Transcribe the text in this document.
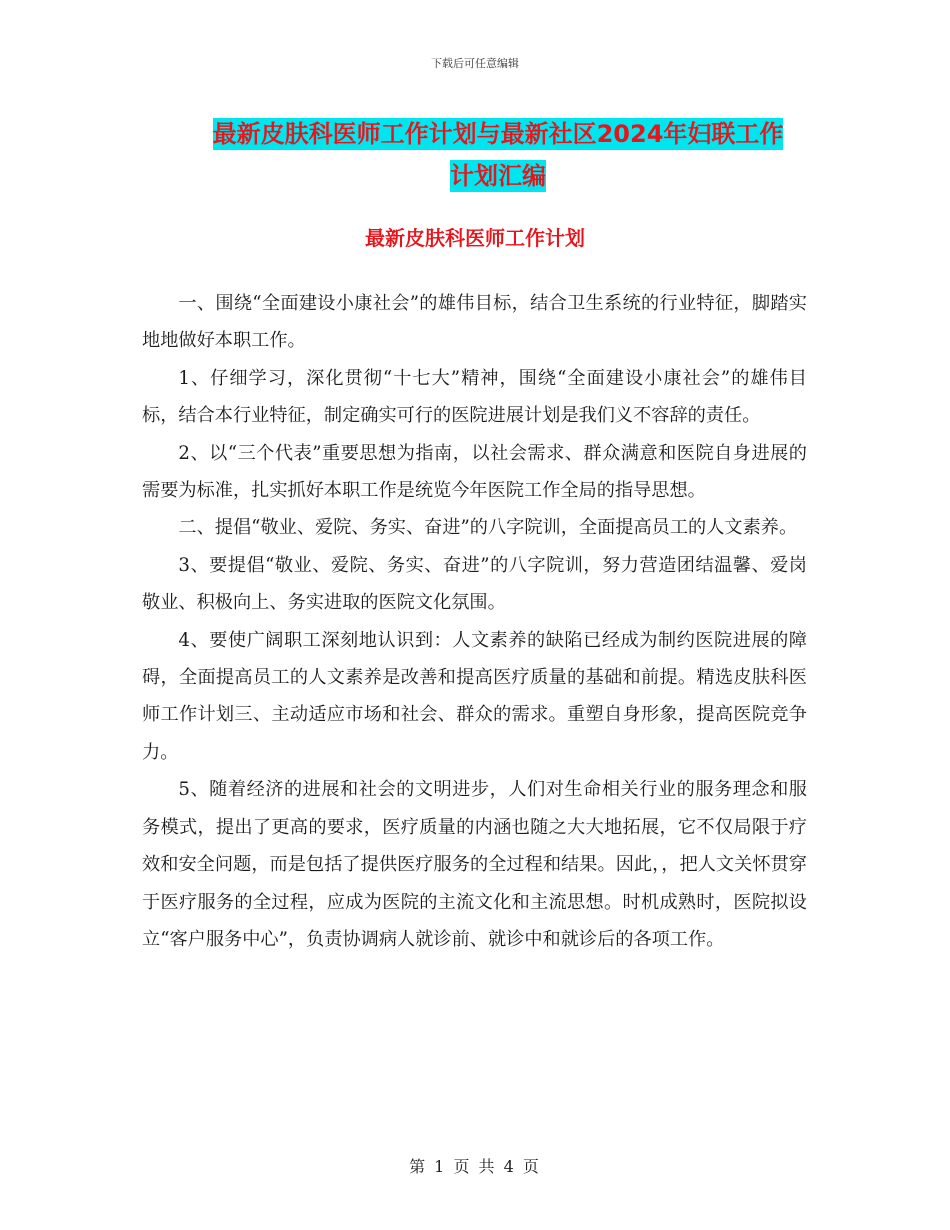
下载后可任意编辑
最新皮肤科医师工作计划与最新社区2024年妇联工作
计划汇编
最新皮肤科医师工作计划

一、围绕“全面建设小康社会”的雄伟目标，结合卫生系统的行业特征，脚踏实地地做好本职工作。

1、仔细学习，深化贯彻“十七大”精神，围绕“全面建设小康社会”的雄伟目标，结合本行业特征，制定确实可行的医院进展计划是我们义不容辞的责任。

2、以“三个代表”重要思想为指南，以社会需求、群众满意和医院自身进展的需要为标准，扎实抓好本职工作是统览今年医院工作全局的指导思想。

二、提倡“敬业、爱院、务实、奋进”的八字院训，全面提高员工的人文素养。

3、要提倡“敬业、爱院、务实、奋进”的八字院训，努力营造团结温馨、爱岗敬业、积极向上、务实进取的医院文化氛围。

4、要使广阔职工深刻地认识到：人文素养的缺陷已经成为制约医院进展的障碍，全面提高员工的人文素养是改善和提高医疗质量的基础和前提。精选皮肤科医师工作计划三、主动适应市场和社会、群众的需求。重塑自身形象，提高医院竞争力。

5、随着经济的进展和社会的文明进步，人们对生命相关行业的服务理念和服务模式，提出了更高的要求，医疗质量的内涵也随之大大地拓展，它不仅局限于疗效和安全问题，而是包括了提供医疗服务的全过程和结果。因此，，把人文关怀贯穿于医疗服务的全过程，应成为医院的主流文化和主流思想。时机成熟时，医院拟设立“客户服务中心”，负责协调病人就诊前、就诊中和就诊后的各项工作。

第 1 页 共 4 页
